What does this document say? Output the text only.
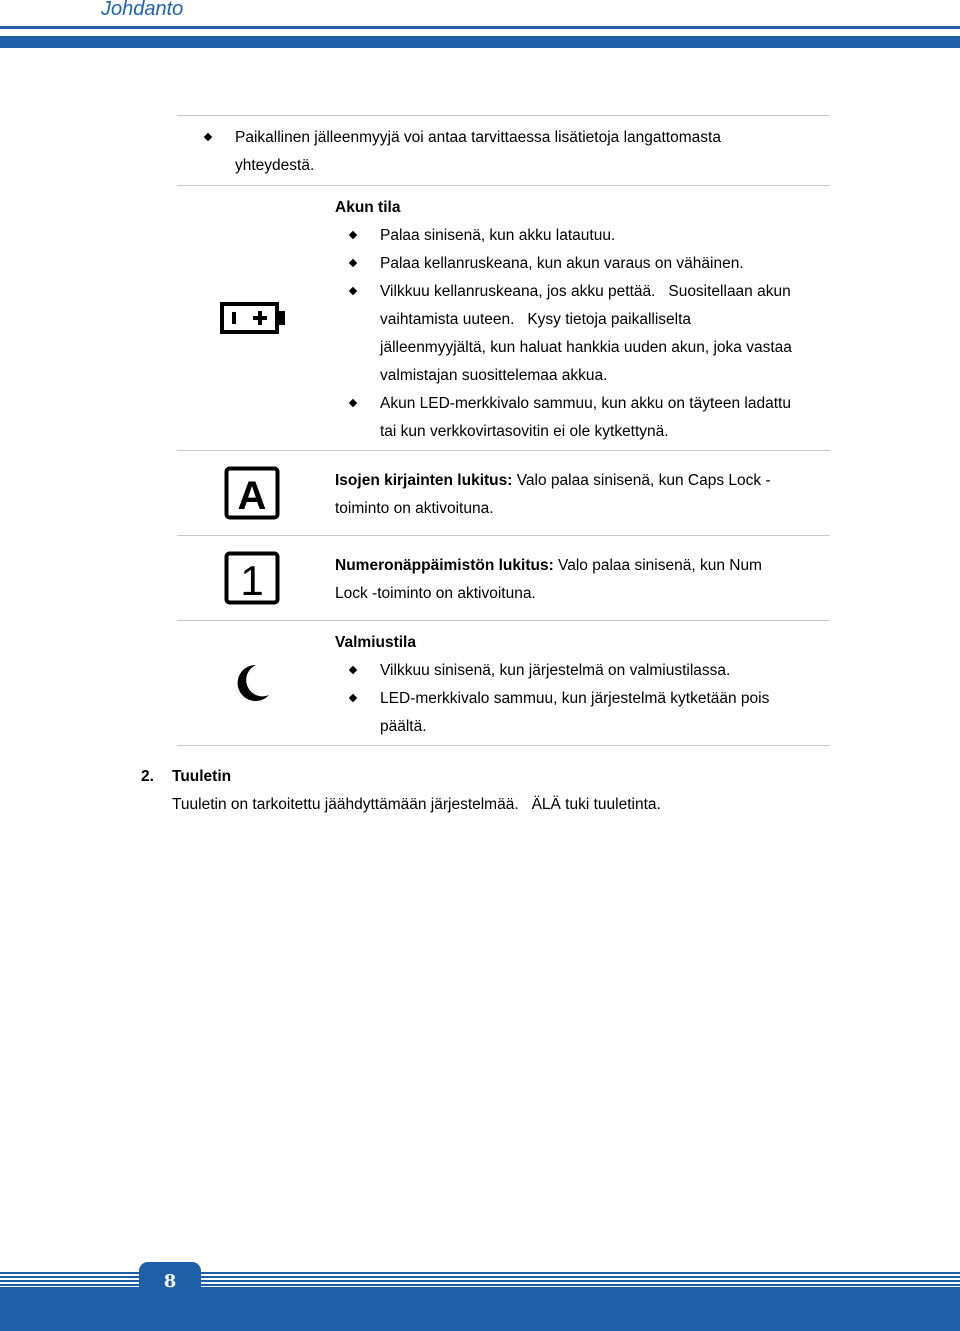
Johdanto
Paikallinen jälleenmyyjä voi antaa tarvittaessa lisätietoja langattomasta
yhteydestä.
Akun tila
Palaa sinisenä, kun akku latautuu.
Palaa kellanruskeana, kun akun varaus on vähäinen.
Vilkkuu kellanruskeana, jos akku pettää.   Suositellaan akun
vaihtamista uuteen.   Kysy tietoja paikalliselta
jälleenmyyjältä, kun haluat hankkia uuden akun, joka vastaa
valmistajan suosittelemaa akkua.
Akun LED-merkkivalo sammuu, kun akku on täyteen ladattu
tai kun verkkovirtasovitin ei ole kytkettynä.
A	Isojen kirjainten lukitus: Valo palaa sinisenä, kun Caps Lock -
toiminto on aktivoituna.
1	Numeronäppäimistön lukitus: Valo palaa sinisenä, kun Num
Lock -toiminto on aktivoituna.
Valmiustila
Vilkkuu sinisenä, kun järjestelmä on valmiustilassa.
LED-merkkivalo sammuu, kun järjestelmä kytketään pois
päältä.
2. Tuuletin
Tuuletin on tarkoitettu jäähdyttämään järjestelmää.   ÄLÄ tuki tuuletinta.
8
